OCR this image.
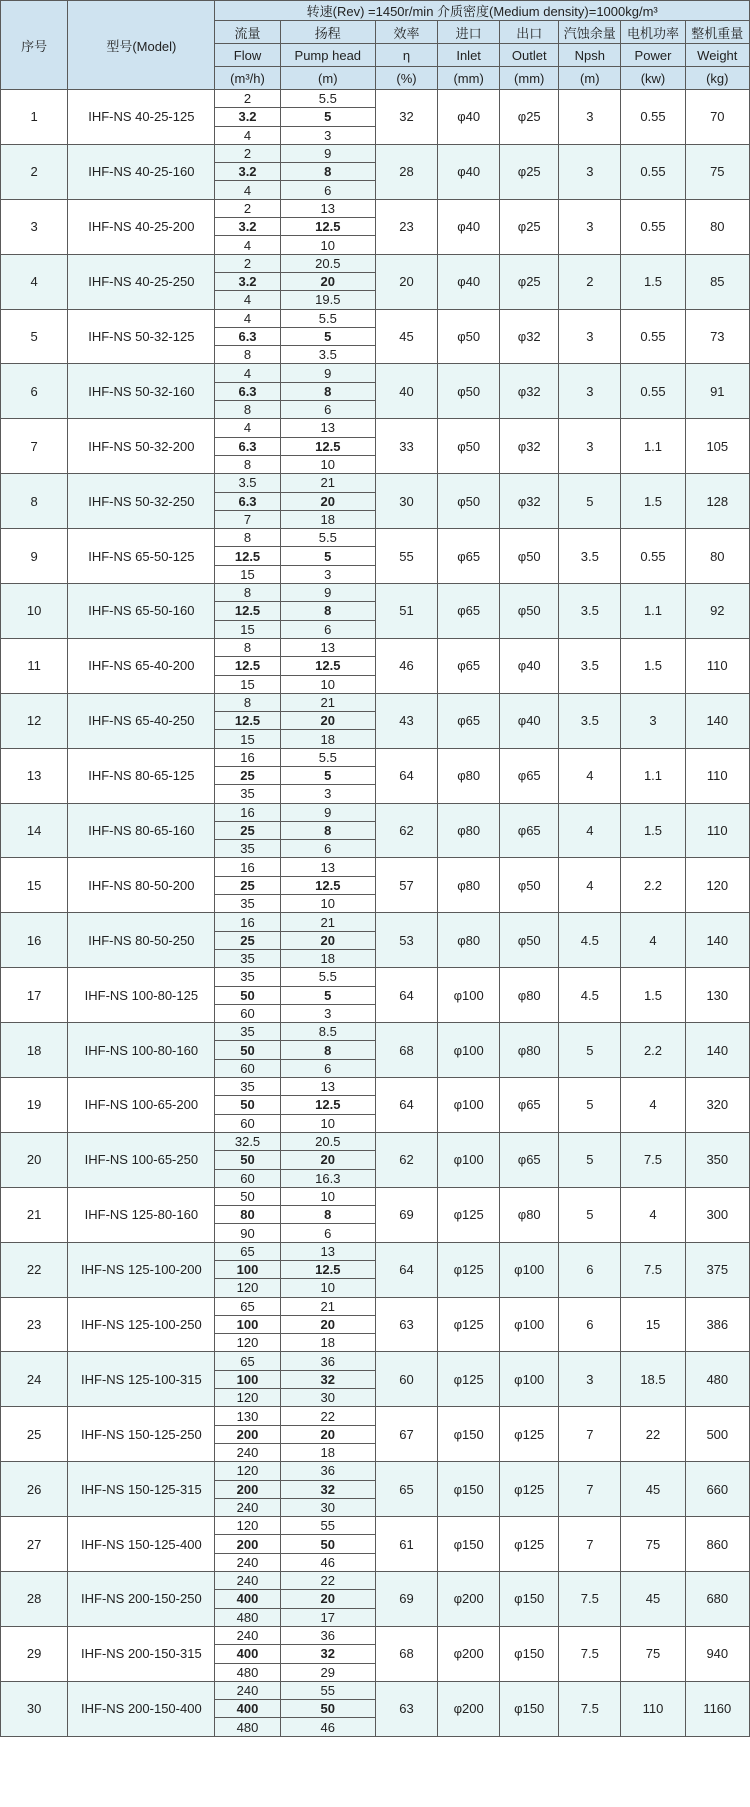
序号	型号(Model)	转速(Rev) =1450r/min 介质密度(Medium density)=1000kg/m³							
		流量	扬程	效率	进口	出口	汽蚀余量	电机功率	整机重量
		Flow	Pump head	η	Inlet	Outlet	Npsh	Power	Weight
		(m³/h)	(m)	(%)	(mm)	(mm)	(m)	(kw)	(kg)
1	IHF-NS 40-25-125	2	5.5	32	φ40	φ25	3	0.55	70
		3.2	5						
		4	3						
2	IHF-NS 40-25-160	2	9	28	φ40	φ25	3	0.55	75
		3.2	8						
		4	6						
3	IHF-NS 40-25-200	2	13	23	φ40	φ25	3	0.55	80
		3.2	12.5						
		4	10						
4	IHF-NS 40-25-250	2	20.5	20	φ40	φ25	2	1.5	85
		3.2	20						
		4	19.5						
5	IHF-NS 50-32-125	4	5.5	45	φ50	φ32	3	0.55	73
		6.3	5						
		8	3.5						
6	IHF-NS 50-32-160	4	9	40	φ50	φ32	3	0.55	91
		6.3	8						
		8	6						
7	IHF-NS 50-32-200	4	13	33	φ50	φ32	3	1.1	105
		6.3	12.5						
		8	10						
8	IHF-NS 50-32-250	3.5	21	30	φ50	φ32	5	1.5	128
		6.3	20						
		7	18						
9	IHF-NS 65-50-125	8	5.5	55	φ65	φ50	3.5	0.55	80
		12.5	5						
		15	3						
10	IHF-NS 65-50-160	8	9	51	φ65	φ50	3.5	1.1	92
		12.5	8						
		15	6						
11	IHF-NS 65-40-200	8	13	46	φ65	φ40	3.5	1.5	110
		12.5	12.5						
		15	10						
12	IHF-NS 65-40-250	8	21	43	φ65	φ40	3.5	3	140
		12.5	20						
		15	18						
13	IHF-NS 80-65-125	16	5.5	64	φ80	φ65	4	1.1	110
		25	5						
		35	3						
14	IHF-NS 80-65-160	16	9	62	φ80	φ65	4	1.5	110
		25	8						
		35	6						
15	IHF-NS 80-50-200	16	13	57	φ80	φ50	4	2.2	120
		25	12.5						
		35	10						
16	IHF-NS 80-50-250	16	21	53	φ80	φ50	4.5	4	140
		25	20						
		35	18						
17	IHF-NS 100-80-125	35	5.5	64	φ100	φ80	4.5	1.5	130
		50	5						
		60	3						
18	IHF-NS 100-80-160	35	8.5	68	φ100	φ80	5	2.2	140
		50	8						
		60	6						
19	IHF-NS 100-65-200	35	13	64	φ100	φ65	5	4	320
		50	12.5						
		60	10						
20	IHF-NS 100-65-250	32.5	20.5	62	φ100	φ65	5	7.5	350
		50	20						
		60	16.3						
21	IHF-NS 125-80-160	50	10	69	φ125	φ80	5	4	300
		80	8						
		90	6						
22	IHF-NS 125-100-200	65	13	64	φ125	φ100	6	7.5	375
		100	12.5						
		120	10						
23	IHF-NS 125-100-250	65	21	63	φ125	φ100	6	15	386
		100	20						
		120	18						
24	IHF-NS 125-100-315	65	36	60	φ125	φ100	3	18.5	480
		100	32						
		120	30						
25	IHF-NS 150-125-250	130	22	67	φ150	φ125	7	22	500
		200	20						
		240	18						
26	IHF-NS 150-125-315	120	36	65	φ150	φ125	7	45	660
		200	32						
		240	30						
27	IHF-NS 150-125-400	120	55	61	φ150	φ125	7	75	860
		200	50						
		240	46						
28	IHF-NS 200-150-250	240	22	69	φ200	φ150	7.5	45	680
		400	20						
		480	17						
29	IHF-NS 200-150-315	240	36	68	φ200	φ150	7.5	75	940
		400	32						
		480	29						
30	IHF-NS 200-150-400	240	55	63	φ200	φ150	7.5	110	1160
		400	50						
		480	46						
